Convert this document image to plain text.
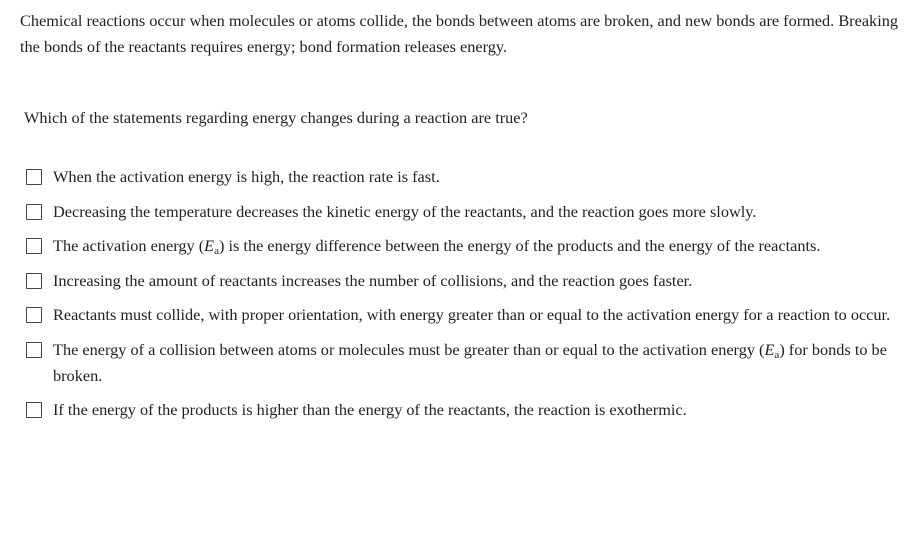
Chemical reactions occur when molecules or atoms collide, the bonds between atoms are broken, and new bonds are formed. Breaking the bonds of the reactants requires energy; bond formation releases energy.

Which of the statements regarding energy changes during a reaction are true?

When the activation energy is high, the reaction rate is fast.
Decreasing the temperature decreases the kinetic energy of the reactants, and the reaction goes more slowly.
The activation energy $(E_a)$ is the energy difference between the energy of the products and the energy of the reactants.
Increasing the amount of reactants increases the number of collisions, and the reaction goes faster.
Reactants must collide, with proper orientation, with energy greater than or equal to the activation energy for a reaction to occur.
The energy of a collision between atoms or molecules must be greater than or equal to the activation energy $(E_a)$ for bonds to be broken.
If the energy of the products is higher than the energy of the reactants, the reaction is exothermic.
